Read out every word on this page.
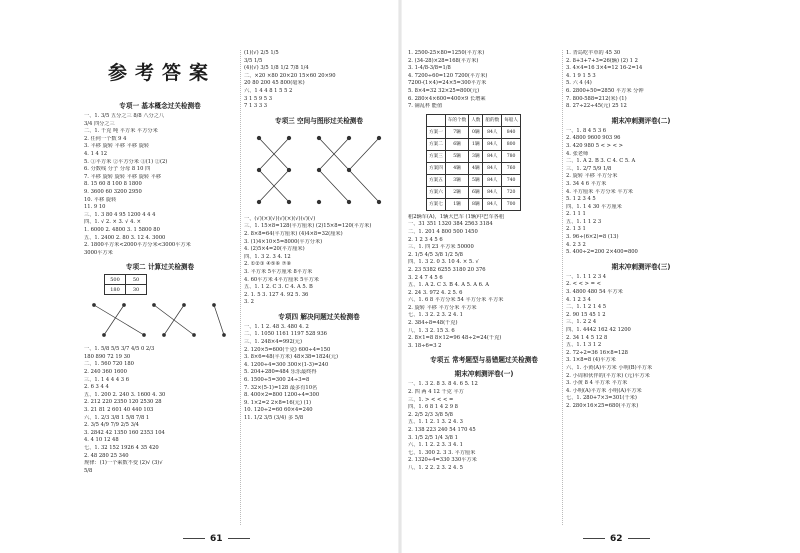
参考答案
专项一 基本概念过关检测卷
一、1. 3/5 五分之三 8/8 八分之八
3/4 四分之三
二、1. 千克 吨 平方米 平方分米
2. 任何一个数 9 4
3. 平移 旋转 平移 平移 旋转
4. 1 4 12
5. ①平方米 ②平方分米 ③(1) ②(2)
6. 分数线 分子 分母 8 10 四
7. 平移 旋转 旋转 平移 旋转 平移
8. 15 60 8 100 8 1800
9. 3600 60 3200 2950
10. 平移 旋转
11. 9 10
三、1. 3 80 4 95 1200 4 4 4
四、1. √ 2. × 3. √ 4. ×
1. 6000 2. 4800 3. 1 5800 80
五、1. 2400 2. 80 3. 12 4. 3000
2. 1800平方米<2000平方分米<3000平方米
3000平方米
专项二 计算过关检测卷
500	50
180	30
一、1. 5/8 5/5 3/7 4/5 0 2/3
180 890 72 19 30
二、1. 560 720 180
2. 240 360 1600
三、1. 1 4 4 4 3 6
2. 6 3 4 4
五、1. 200 2. 240 3. 1600 4. 30
2. 212 220 2350 120 2530 28
3. 21 81 2 601 40 440 103
六、1. 2/3 3/8 1 5/8 7/8 1
2. 3/5 4/9 7/9 2/5 3/4
3. 2842 42 1350 160 2353 104
4. 4 10 12 48
七、1. 32 152 1926 4 35 420
2. 48 280 25 340
规律：(1)一个乘数不变 (2)√ (3)√
5/8
(1)(√) 2/5 1/5
3/5 1/5
(4)(√) 3/5 1/8 1/2 7/8 1/4
二、×20 ×80 20×20 15×60 20×90
20 80 200 45 800(毫米)
六、1 4 4 8 1 5 5 2
3 1 5 9 5 3
7 1 3 3 3
专项三 空间与图形过关检测卷
一、(√)(×)(√)(√)(×)(√)(√)(√)
三、1. 15×8=128(平方厘米) (2)15×8=120(平方米)
2. 8×8=64(平方厘米) (4)4×8=32(厘米)
3. (1)4×10×5=8000(平方分米)
4. (2)5×4=20(平方厘米)
四、1. 3 2. 3 4. 12
2. ①②③ ④⑤⑥ ⑦⑧
3. 平方米 5平方厘米 8平方米
4. 60平方米 4平方厘米 5平方米
五、1. 1 2. C 3. C 4. A 5. B
2. 1. 5 3. 127 4. 92 5. 36
3. 2
专项四 解决问题过关检测卷
一、1. 1 2. 48 3. 480 4. 2
二、1. 1050 1161 1197 528 936
三、1. 248×4=992(元)
2. 120×5=600(千克) 600÷4=150
3. 8×6=48(平方米) 48×38=1824(元)
4. 1200÷4=300 300×(1-3)=240
5. 204+280=484 乐乐最终得
6. 1500÷5=300 24÷3=8
7. 32×(5-1)=128 最多有10名
8. 400×2=800 1200÷4=300
9. 1×2=2 2×8=16(元) (1)
10. 120÷2=60 60×4=240
11. 1/2 3/5 (3/4) 多 5/8
61
1. 2500-25×80=1250(平方米)
2. (34-28)×28=168(平方米)
3. 1-4/8-3/8=1/8
4. 7200÷60=120 7200(平方米)
7200-(1×4)=24×5=300平方米
5. 8×4=32 32×25=800(元)
6. 280×4×600=400×9 长增乘
7. 铺乱杯 能值
	车的个数	人数	船的数	每船人
方案一	7辆	0辆	84人	840
方案二	6辆	1辆	84人	800
方案三	5辆	3辆	84人	780
方案四	4辆	4辆	84人	760
方案五	3辆	5辆	84人	740
方案六	2辆	6辆	84人	720
方案七	1辆	8辆	84人	700
租2辆车(A)，1辆大巴车 (1辆)中巴车各租
一、31 351 1320 384 2563 3184
二、1. 201 4 800 500 1450
2. 1 2 3 4 5 6
三、1. 四 23 平方米 50000
2. 1/5 4/5 3/8 1/2 5/8
四、1. 3 2. 0 3. 10 4. × 5. √
2. 23 5382 6255 3180 20 376
3. 2 4 7 4 5 6
五、1. A 2. C 3. B 4. A 5. A 6. A
2. 24 3. 972 4. 2 5. 6
六、1. 6 8 平方分米 54 平方分米 平方米
2. 旋转 平移 平方分米 平方米
七、1. 3 2. 2 3. 2 4. 1
2. 384÷8=48(千克)
八、1. 3 2. 15 3. 6
2. 8×1=8 8×12=96 48÷2=24(千克)
3. 18÷6=3 2
专项五 常考题型与易错题过关检测卷
期末冲刺测评卷(一)
一、1. 3 2. 8 3. 8 4. 6 5. 12
2. 四 两 4 12 千克 平方
三、1. > < < < =
四、1. 6 8 1 4 2 9 8
2. 2/5 2/3 3/8 5/8
五、1. 1 2. 1 3. 2 4. 3
2. 138 223 240 54 170 45
3. 1/5 2/5 1/4 3/8 1
六、1. 1 2. 2 3. 3 4. 1
七、1. 300 2. 3 3. 平方厘米
2. 1320÷4=330 330平方米
八、1. 2 2. 2 3. 2 4. 5
1. 青岛吃羊草的 45 30
2. 8+3+7+3=26(辆) (2) 1 2
3. 4×4=16 3×4=12 16-2=14
4. 1 9 1 5 3
5. 六 4 (4)
6. 2800+50=2850 平方米 分钟
7. 800-588=212(米) (1)
8. 27÷22÷45(元) 25 12
期末冲刺测评卷(二)
一、1. 8 4 5 3 6
2. 4800 9600 903 96
3. 420 980 5 < > < >
4. 张老师
二、1. A 2. B 3. C 4. C 5. A
三、1. 2/7 5/9 1/8
2. 旋转 平移 平方分米
3. 34 4 6 平方米
4. 平方厘米 平方分米 平方米
5. 1 2 3 4 5
四、1. 1 4 30 平方厘米
2. 1 1 1
五、1. 1 1 2 3
2. 1 3 1
3. 96÷(6×2)=8 (13)
4. 2 3 2
5. 400÷2=200 2×400=800
期末冲刺测评卷(三)
一、1. 1 1 2 3 4
2. < < > = <
3. 4800 480 54 平方米
4. 1 2 3 4
二、1. 1 2 1 4 5
2. 90 15 45 1 2
三、1. 2 2 4
四、1. 4442 162 42 1200
2. 34 1 4 5 12 8
五、1. 1 3 1 2
2. 72÷2=36 16×8=128
3. 1×8=8 (4)平方米
六、1. 小黄(A)平方米 小明(B)平方米
2. 小周和伙伴的(平方米) (元)平方米
3. 小黄 8 4 平方米 平方米
4. 小明(A)平方米 小明(A)平方米
七、1. 280+7×3=301(千米)
2. 280×16×25=680(平方米)
62
